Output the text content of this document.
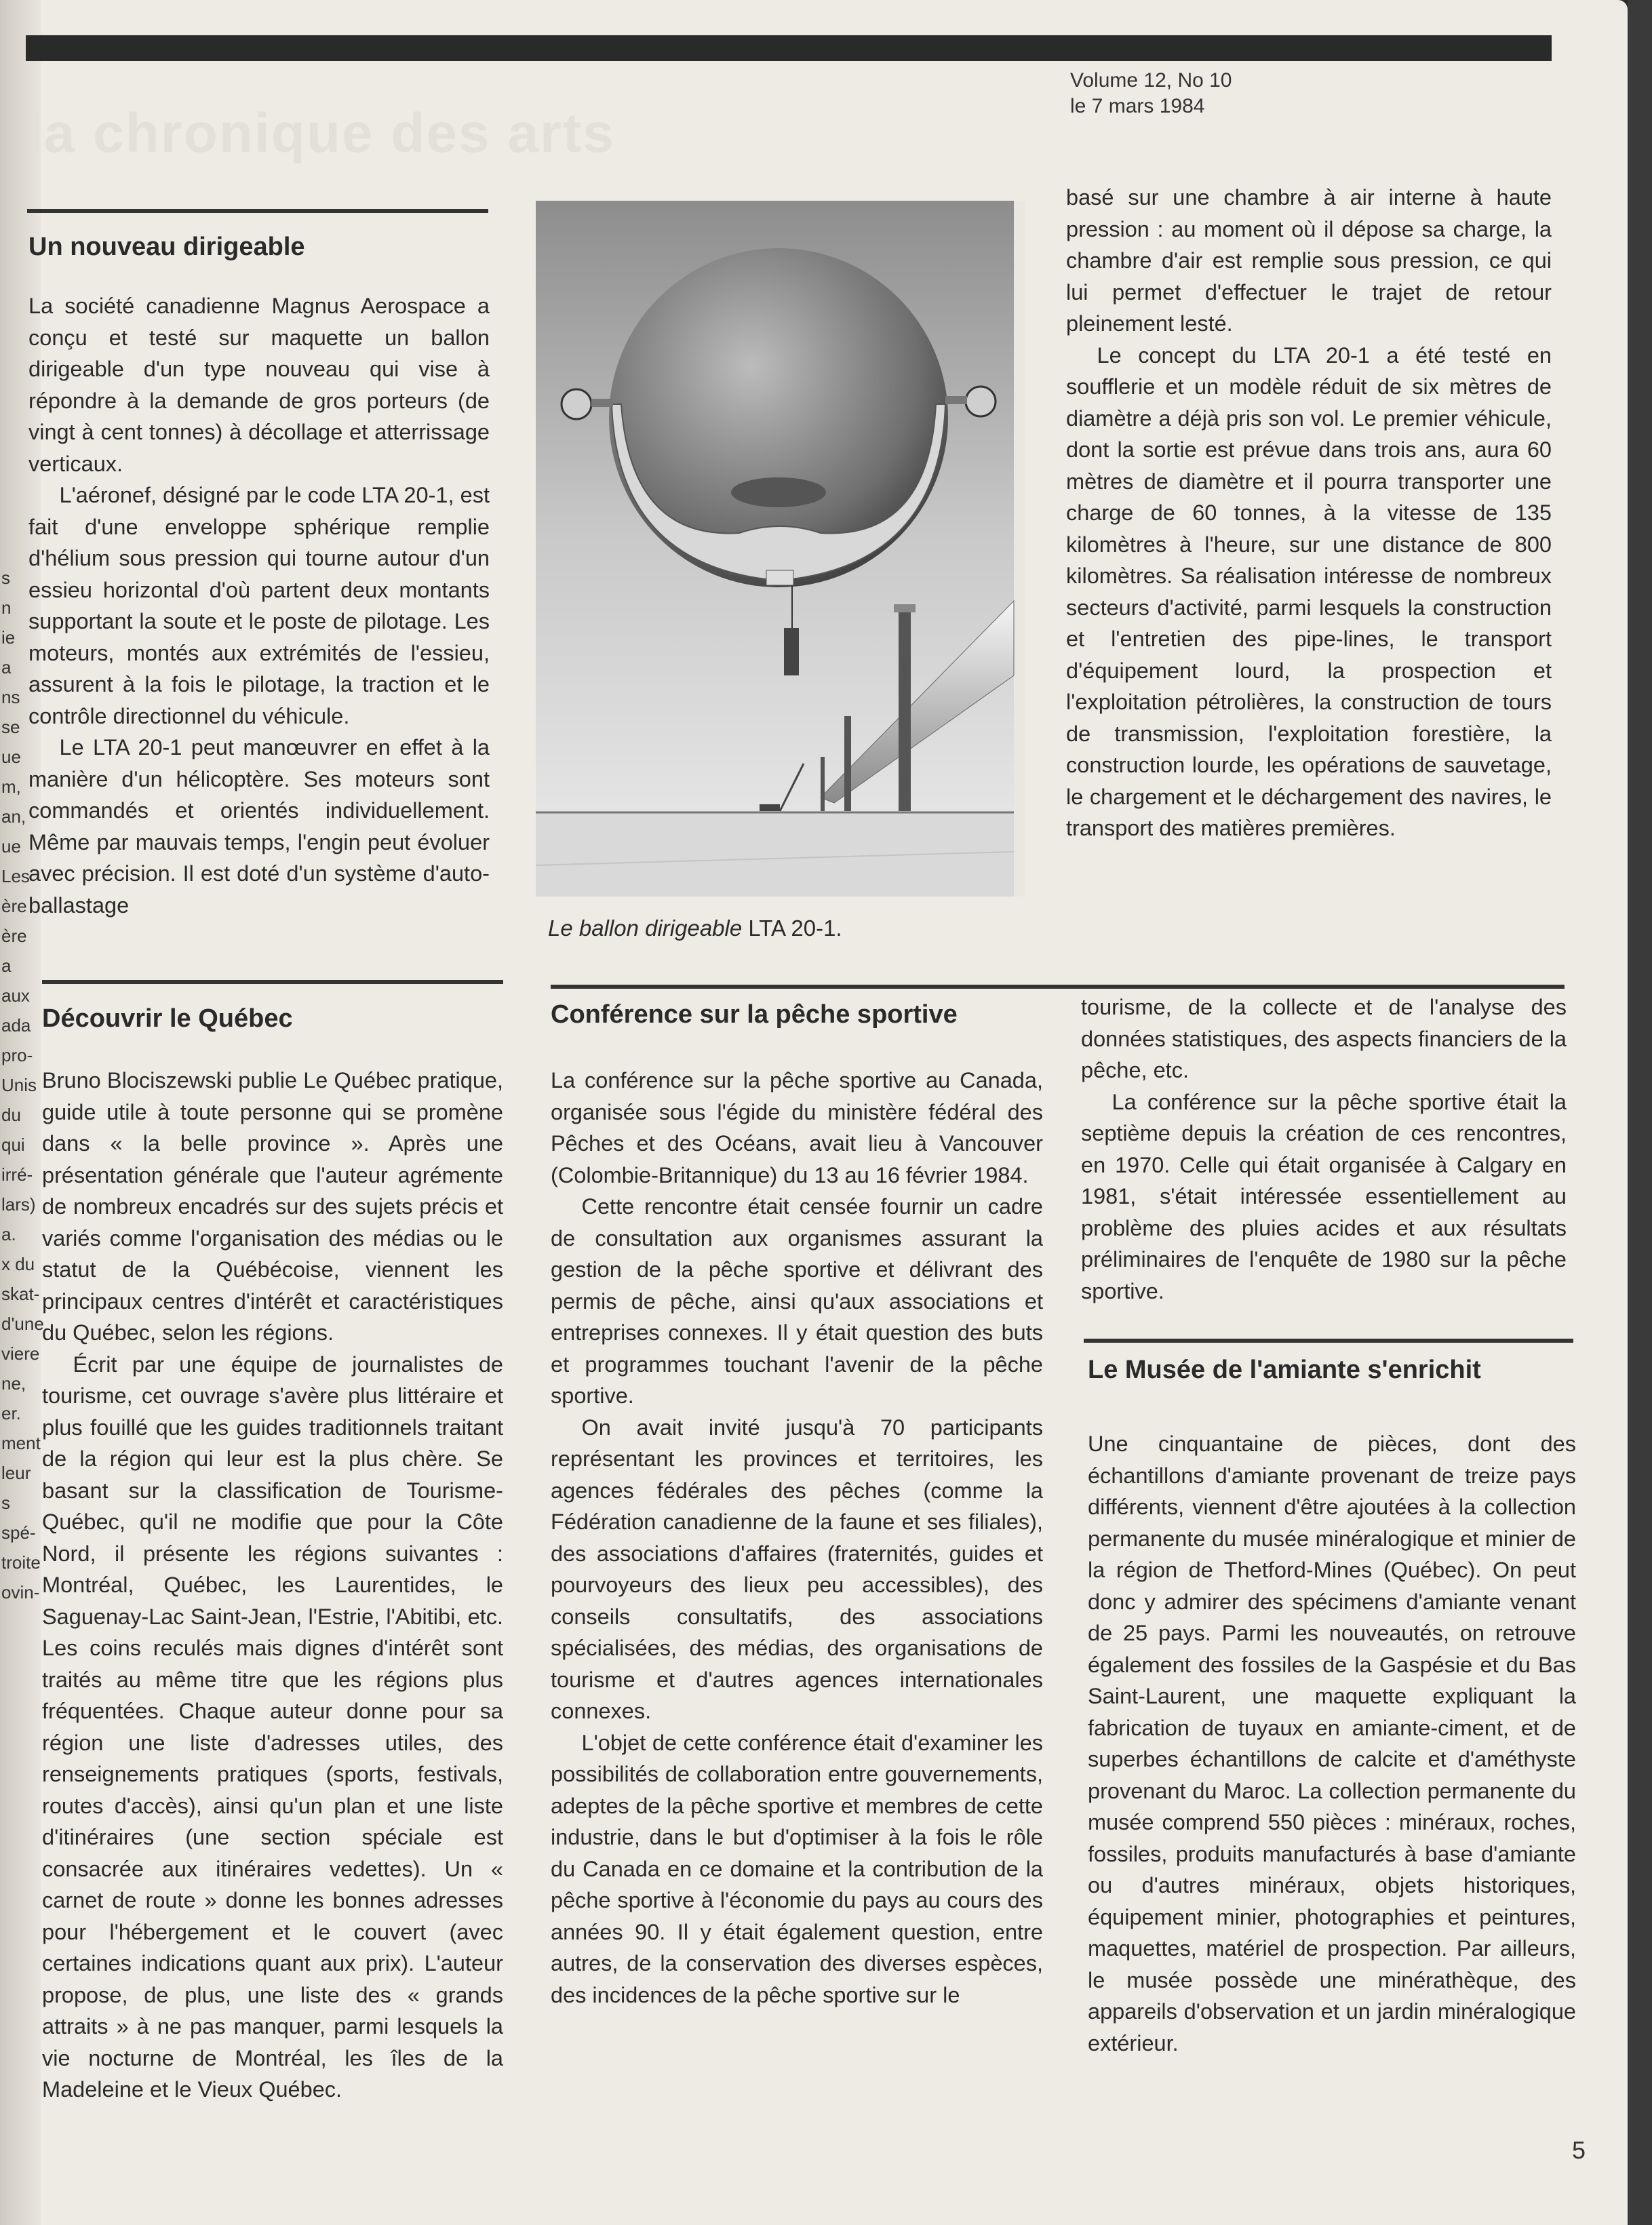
la chronique des arts
Volume 12, No 10
le 7 mars 1984
s
n
ie
a
ns
se
ue
m,
an,
ue
Les
ère
ère
a
aux
ada
pro-
Unis
du
qui
irré-
lars)
a.
x du
skat-
d'une
viere
ne,
er.
ment
leur
s spé-
troite
ovin-
Un nouveau dirigeable

La société canadienne Magnus Aerospace a conçu et testé sur maquette un ballon dirigeable d'un type nouveau qui vise à répondre à la demande de gros porteurs (de vingt à cent tonnes) à décollage et atterrissage verticaux.

L'aéronef, désigné par le code LTA 20-1, est fait d'une enveloppe sphérique remplie d'hélium sous pression qui tourne autour d'un essieu horizontal d'où partent deux montants supportant la soute et le poste de pilotage. Les moteurs, montés aux extrémités de l'essieu, assurent à la fois le pilotage, la traction et le contrôle directionnel du véhicule.

Le LTA 20-1 peut manœuvrer en effet à la manière d'un hélicoptère. Ses moteurs sont commandés et orientés individuellement. Même par mauvais temps, l'engin peut évoluer avec précision. Il est doté d'un système d'auto-ballastage

Le ballon dirigeable LTA 20-1.

basé sur une chambre à air interne à haute pression : au moment où il dépose sa charge, la chambre d'air est remplie sous pression, ce qui lui permet d'effectuer le trajet de retour pleinement lesté.

Le concept du LTA 20-1 a été testé en soufflerie et un modèle réduit de six mètres de diamètre a déjà pris son vol. Le premier véhicule, dont la sortie est prévue dans trois ans, aura 60 mètres de diamètre et il pourra transporter une charge de 60 tonnes, à la vitesse de 135 kilomètres à l'heure, sur une distance de 800 kilomètres. Sa réalisation intéresse de nombreux secteurs d'activité, parmi lesquels la construction et l'entretien des pipe-lines, le transport d'équipement lourd, la prospection et l'exploitation pétrolières, la construction de tours de transmission, l'exploitation forestière, la construction lourde, les opérations de sauvetage, le chargement et le déchargement des navires, le transport des matières premières.

Découvrir le Québec

Bruno Blociszewski publie Le Québec pratique, guide utile à toute personne qui se promène dans « la belle province ». Après une présentation générale que l'auteur agrémente de nombreux encadrés sur des sujets précis et variés comme l'organisation des médias ou le statut de la Québécoise, viennent les principaux centres d'intérêt et caractéristiques du Québec, selon les régions.

Écrit par une équipe de journalistes de tourisme, cet ouvrage s'avère plus littéraire et plus fouillé que les guides traditionnels traitant de la région qui leur est la plus chère. Se basant sur la classification de Tourisme-Québec, qu'il ne modifie que pour la Côte Nord, il présente les régions suivantes : Montréal, Québec, les Laurentides, le Saguenay-Lac Saint-Jean, l'Estrie, l'Abitibi, etc. Les coins reculés mais dignes d'intérêt sont traités au même titre que les régions plus fréquentées. Chaque auteur donne pour sa région une liste d'adresses utiles, des renseignements pratiques (sports, festivals, routes d'accès), ainsi qu'un plan et une liste d'itinéraires (une section spéciale est consacrée aux itinéraires vedettes). Un « carnet de route » donne les bonnes adresses pour l'hébergement et le couvert (avec certaines indications quant aux prix). L'auteur propose, de plus, une liste des « grands attraits » à ne pas manquer, parmi lesquels la vie nocturne de Montréal, les îles de la Madeleine et le Vieux Québec.

Conférence sur la pêche sportive

La conférence sur la pêche sportive au Canada, organisée sous l'égide du ministère fédéral des Pêches et des Océans, avait lieu à Vancouver (Colombie-Britannique) du 13 au 16 février 1984.

Cette rencontre était censée fournir un cadre de consultation aux organismes assurant la gestion de la pêche sportive et délivrant des permis de pêche, ainsi qu'aux associations et entreprises connexes. Il y était question des buts et programmes touchant l'avenir de la pêche sportive.

On avait invité jusqu'à 70 participants représentant les provinces et territoires, les agences fédérales des pêches (comme la Fédération canadienne de la faune et ses filiales), des associations d'affaires (fraternités, guides et pourvoyeurs des lieux peu accessibles), des conseils consultatifs, des associations spécialisées, des médias, des organisations de tourisme et d'autres agences internationales connexes.

L'objet de cette conférence était d'examiner les possibilités de collaboration entre gouvernements, adeptes de la pêche sportive et membres de cette industrie, dans le but d'optimiser à la fois le rôle du Canada en ce domaine et la contribution de la pêche sportive à l'économie du pays au cours des années 90. Il y était également question, entre autres, de la conservation des diverses espèces, des incidences de la pêche sportive sur le

tourisme, de la collecte et de l'analyse des données statistiques, des aspects financiers de la pêche, etc.

La conférence sur la pêche sportive était la septième depuis la création de ces rencontres, en 1970. Celle qui était organisée à Calgary en 1981, s'était intéressée essentiellement au problème des pluies acides et aux résultats préliminaires de l'enquête de 1980 sur la pêche sportive.

Le Musée de l'amiante s'enrichit

Une cinquantaine de pièces, dont des échantillons d'amiante provenant de treize pays différents, viennent d'être ajoutées à la collection permanente du musée minéralogique et minier de la région de Thetford-Mines (Québec). On peut donc y admirer des spécimens d'amiante venant de 25 pays. Parmi les nouveautés, on retrouve également des fossiles de la Gaspésie et du Bas Saint-Laurent, une maquette expliquant la fabrication de tuyaux en amiante-ciment, et de superbes échantillons de calcite et d'améthyste provenant du Maroc. La collection permanente du musée comprend 550 pièces : minéraux, roches, fossiles, produits manufacturés à base d'amiante ou d'autres minéraux, objets historiques, équipement minier, photographies et peintures, maquettes, matériel de prospection. Par ailleurs, le musée possède une minérathèque, des appareils d'observation et un jardin minéralogique extérieur.

5
